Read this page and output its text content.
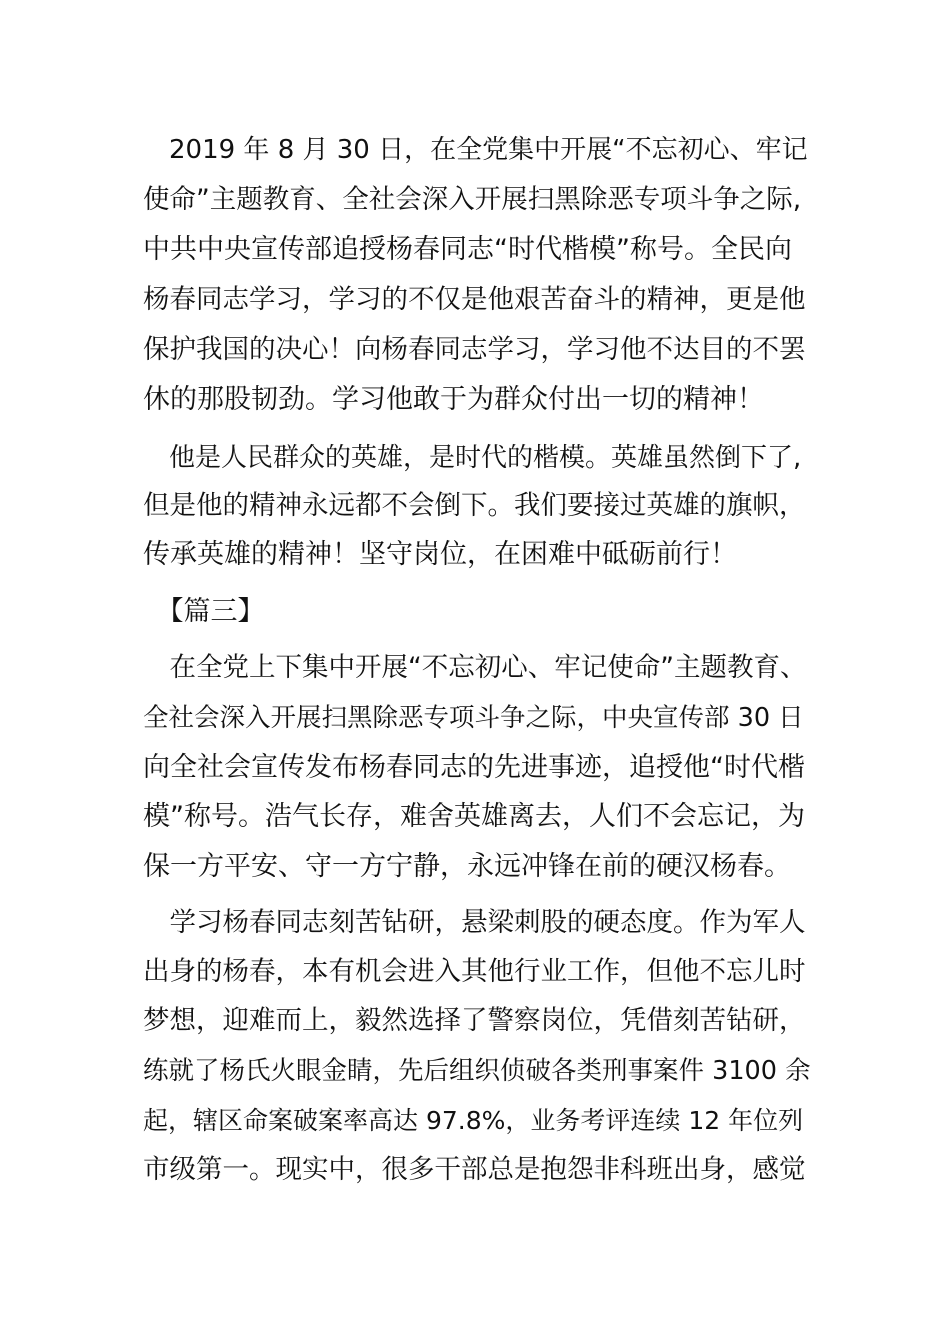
　2019 年 8 月 30 日，在全党集中开展“不忘初心、牢记
使命”主题教育、全社会深入开展扫黑除恶专项斗争之际,
中共中央宣传部追授杨春同志“时代楷模”称号。全民向
杨春同志学习，学习的不仅是他艰苦奋斗的精神，更是他
保护我国的决心！向杨春同志学习，学习他不达目的不罢
休的那股韧劲。学习他敢于为群众付出一切的精神！
　他是人民群众的英雄，是时代的楷模。英雄虽然倒下了,
但是他的精神永远都不会倒下。我们要接过英雄的旗帜，
传承英雄的精神！坚守岗位，在困难中砥砺前行！
　【篇三】
　在全党上下集中开展“不忘初心、牢记使命”主题教育、
全社会深入开展扫黑除恶专项斗争之际，中央宣传部 30 日
向全社会宣传发布杨春同志的先进事迹，追授他“时代楷
模”称号。浩气长存，难舍英雄离去，人们不会忘记，为
保一方平安、守一方宁静，永远冲锋在前的硬汉杨春。
　学习杨春同志刻苦钻研，悬梁刺股的硬态度。作为军人
出身的杨春，本有机会进入其他行业工作，但他不忘儿时
梦想，迎难而上，毅然选择了警察岗位，凭借刻苦钻研，
练就了杨氏火眼金睛，先后组织侦破各类刑事案件 3100 余
起，辖区命案破案率高达 97.8%，业务考评连续 12 年位列
市级第一。现实中，很多干部总是抱怨非科班出身，感觉
